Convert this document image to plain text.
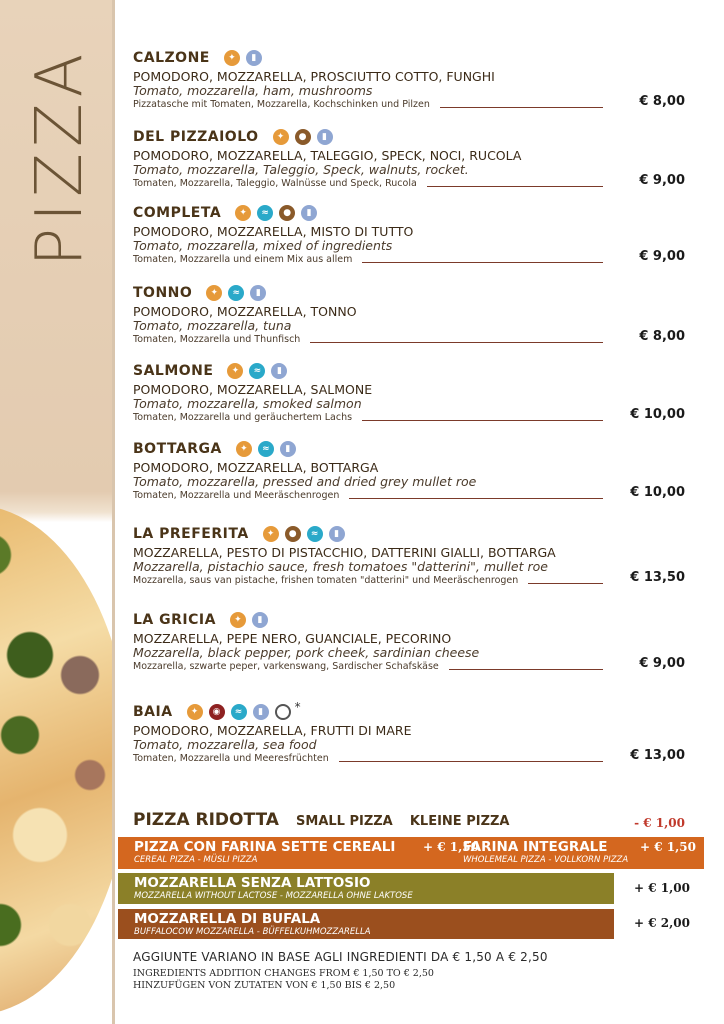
PIZZA	CALZONE	✦	▮
POMODORO, MOZZARELLA, PROSCIUTTO COTTO, FUNGHI
Tomato, mozzarella, ham, mushrooms
Pizzatasche mit Tomaten, Mozzarella, Kochschinken und Pilzen	€ 8,00
DEL PIZZAIOLO	✦	●	▮
POMODORO, MOZZARELLA, TALEGGIO, SPECK, NOCI, RUCOLA
Tomato, mozzarella, Taleggio, Speck, walnuts, rocket.
Tomaten, Mozzarella, Taleggio, Walnüsse und Speck, Rucola	€ 9,00
COMPLETA	✦	≈	●	▮
POMODORO, MOZZARELLA, MISTO DI TUTTO
Tomato, mozzarella, mixed of ingredients
Tomaten, Mozzarella und einem Mix aus allem	€ 9,00
TONNO	✦	≈	▮
POMODORO, MOZZARELLA, TONNO
Tomato, mozzarella, tuna
Tomaten, Mozzarella und Thunfisch	€ 8,00
SALMONE	✦	≈	▮
POMODORO, MOZZARELLA, SALMONE
Tomato, mozzarella, smoked salmon
Tomaten, Mozzarella und geräuchertem Lachs	€ 10,00
BOTTARGA	✦	≈	▮
POMODORO, MOZZARELLA, BOTTARGA
Tomato, mozzarella, pressed and dried grey mullet roe
Tomaten, Mozzarella und Meeräschenrogen	€ 10,00
LA PREFERITA	✦	●	≈	▮
MOZZARELLA, PESTO DI PISTACCHIO, DATTERINI GIALLI, BOTTARGA
Mozzarella, pistachio sauce, fresh tomatoes "datterini", mullet roe
Mozzarella, saus van pistache, frishen tomaten "datterini" und Meeräschenrogen	€ 13,50
LA GRICIA	✦	▮
MOZZARELLA, PEPE NERO, GUANCIALE, PECORINO
Mozzarella, black pepper, pork cheek, sardinian cheese
Mozzarella, szwarte peper, varkenswang, Sardischer Schafskäse	€ 9,00
BAIA	✦	◉	≈	▮	*
POMODORO, MOZZARELLA, FRUTTI DI MARE
Tomato, mozzarella, sea food
Tomaten, Mozzarella und Meeresfrüchten	€ 13,00
PIZZA RIDOTTA SMALL PIZZA KLEINE PIZZA	- € 1,00
PIZZA CON FARINA SETTE CEREALI
CEREAL PIZZA - MÜSLI PIZZA
+ € 1,50
FARINA INTEGRALE
WHOLEMEAL PIZZA - VOLLKORN PIZZA
+ € 1,50
MOZZARELLA SENZA LATTOSIO
MOZZARELLA WITHOUT LACTOSE - MOZZARELLA OHNE LAKTOSE
+ € 1,00
MOZZARELLA DI BUFALA
BUFFALOCOW MOZZARELLA - BÜFFELKUHMOZZARELLA
+ € 2,00
AGGIUNTE VARIANO IN BASE AGLI INGREDIENTI DA € 1,50 A € 2,50
INGREDIENTS ADDITION CHANGES FROM € 1,50 TO € 2,50
HINZUFÜGEN VON ZUTATEN VON € 1,50 BIS € 2,50
